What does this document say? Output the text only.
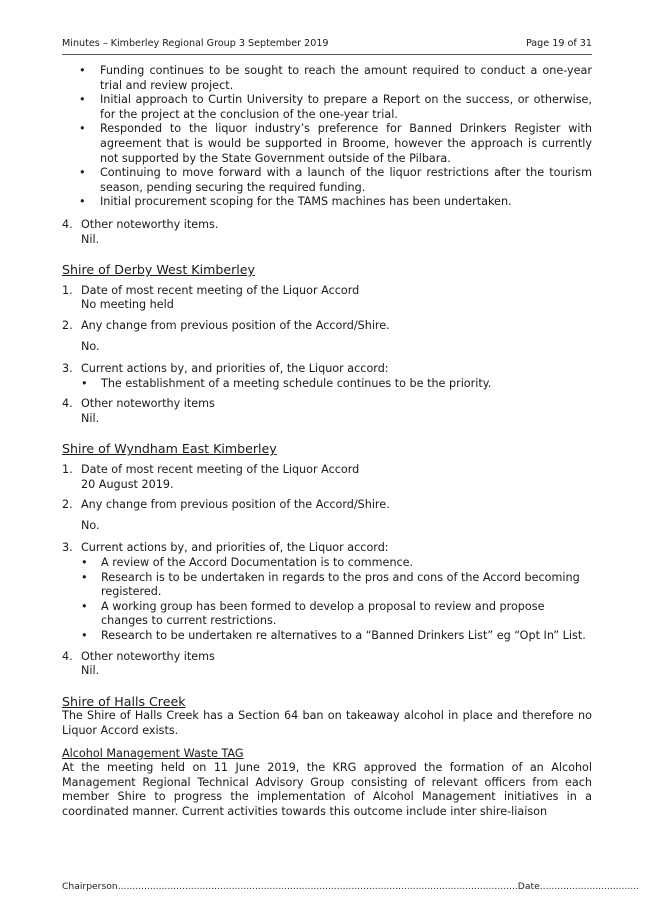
Minutes – Kimberley Regional Group 3 September 2019	Page 19 of 31
• Funding continues to be sought to reach the amount required to conduct a one-year trial and review project.
• Initial approach to Curtin University to prepare a Report on the success, or otherwise, for the project at the conclusion of the one-year trial.
• Responded to the liquor industry’s preference for Banned Drinkers Register with agreement that is would be supported in Broome, however the approach is currently not supported by the State Government outside of the Pilbara.
• Continuing to move forward with a launch of the liquor restrictions after the tourism season, pending securing the required funding.
• Initial procurement scoping for the TAMS machines has been undertaken.
4. Other noteworthy items.
Nil.
Shire of Derby West Kimberley
1. Date of most recent meeting of the Liquor Accord
No meeting held
2. Any change from previous position of the Accord/Shire.
No.
3. Current actions by, and priorities of, the Liquor accord:
• The establishment of a meeting schedule continues to be the priority.
4. Other noteworthy items
Nil.
Shire of Wyndham East Kimberley
1. Date of most recent meeting of the Liquor Accord
20 August 2019.
2. Any change from previous position of the Accord/Shire.
No.
3. Current actions by, and priorities of, the Liquor accord:
• A review of the Accord Documentation is to commence.
• Research is to be undertaken in regards to the pros and cons of the Accord becoming registered.
• A working group has been formed to develop a proposal to review and propose changes to current restrictions.
• Research to be undertaken re alternatives to a “Banned Drinkers List” eg “Opt In” List.
4. Other noteworthy items
Nil.
Shire of Halls Creek
The Shire of Halls Creek has a Section 64 ban on takeaway alcohol in place and therefore no Liquor Accord exists.
Alcohol Management Waste TAG
At the meeting held on 11 June 2019, the KRG approved the formation of an Alcohol Management Regional Technical Advisory Group consisting of relevant officers from each member Shire to progress the implementation of Alcohol Management initiatives in a coordinated manner. Current activities towards this outcome include inter shire-liaison
Chairperson.........................................................................................................................................Date..................................
